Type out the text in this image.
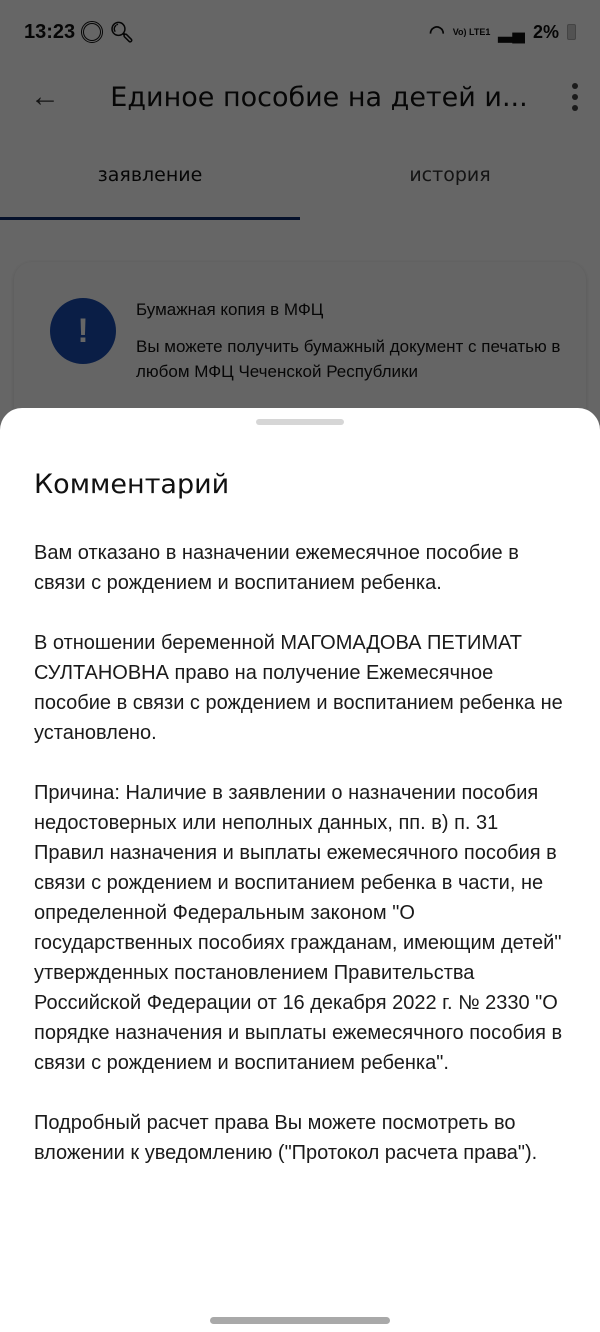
Комментарий

Вам отказано в назначении ежемесячное пособие в связи с рождением и воспитанием ребенка.

В отношении беременной МАГОМАДОВА ПЕТИМАТ СУЛТАНОВНА право на получение Ежемесячное пособие в связи с рождением и воспитанием ребенка не установлено.

Причина: Наличие в заявлении о назначении пособия недостоверных или неполных данных, пп. в) п. 31 Правил назначения и выплаты ежемесячного пособия в связи с рождением и воспитанием ребенка в части, не определенной Федеральным законом "О государственных пособиях гражданам, имеющим детей" утвержденных постановлением Правительства Российской Федерации от 16 декабря 2022 г. № 2330 "О порядке назначения и выплаты ежемесячного пособия в связи с рождением и воспитанием ребенка".

Подробный расчет права Вы можете посмотреть во вложении к уведомлению ("Протокол расчета права").
